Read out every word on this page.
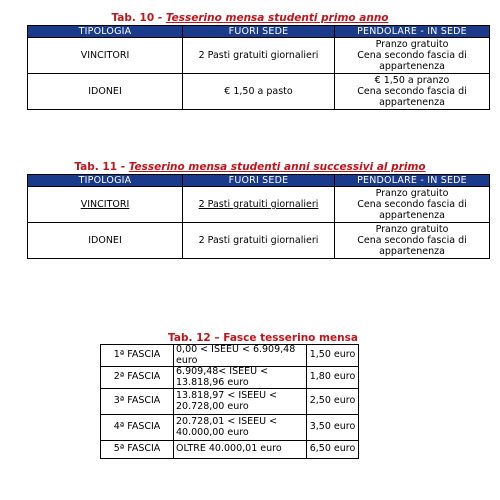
Tab. 10 - Tesserino mensa studenti primo anno
TIPOLOGIA	FUORI SEDE	PENDOLARE - IN SEDE
VINCITORI	2 Pasti gratuiti giornalieri	Pranzo gratuito
Cena secondo fascia di
appartenenza

IDONEI	€ 1,50 a pasto	€ 1,50 a pranzo
Cena secondo fascia di
appartenenza
Tab. 11 - Tesserino mensa studenti anni successivi al primo
TIPOLOGIA	FUORI SEDE	PENDOLARE - IN SEDE
VINCITORI	2 Pasti gratuiti giornalieri	Pranzo gratuito
Cena secondo fascia di
appartenenza

IDONEI	2 Pasti gratuiti giornalieri	Pranzo gratuito
Cena secondo fascia di
appartenenza
Tab. 12 – Fasce tesserino mensa
1ª FASCIA	0,00 < ISEEU < 6.909,48 euro	1,50 euro
2ª FASCIA	6.909,48< ISEEU < 13.818,96 euro	1,80 euro
3ª FASCIA	13.818,97 < ISEEU < 20.728,00 euro	2,50 euro
4ª FASCIA	20.728,01 < ISEEU < 40.000,00 euro	3,50 euro
5ª FASCIA	OLTRE 40.000,01 euro	6,50 euro
